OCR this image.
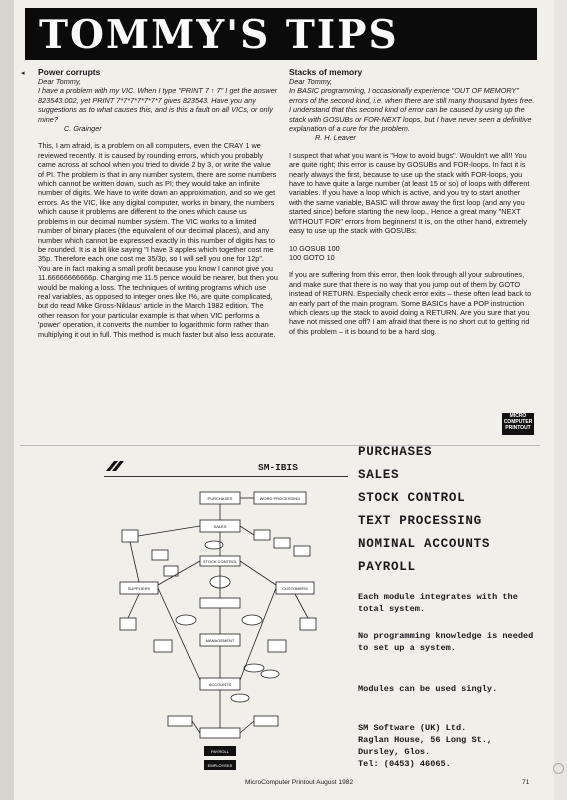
TOMMY'S TIPS
◂ Power corrupts
Dear Tommy,
I have a problem with my VIC. When I type "PRINT 7 ↑ 7" I get the answer 823543.002, yet PRINT 7*7*7*7*7*7*7 gives 823543. Have you any suggestions as to what causes this, and is this a fault on all VICs, or only mine?
C. Grainger

This, I am afraid, is a problem on all computers, even the CRAY 1 we reviewed recently. It is caused by rounding errors, which you probably came across at school when you tried to divide 2 by 3, or write the value of PI. The problem is that in any number system, there are some numbers which cannot be written down, such as PI; they would take an infinite number of digits. We have to write down an approximation, and so we get errors. As the VIC, like any digital computer, works in binary, the numbers which cause it problems are different to the ones which cause us problems in our decimal number system. The VIC works to a limited number of binary places (the equivalent of our decimal places), and any number which cannot be expressed exactly in this number of digits has to be rounded. It is a bit like saying "I have 3 apples which together cost me 35p. Therefore each one cost me 35/3p, so I will sell you one for 12p". You are in fact making a small profit because you know I cannot give you 11.66666666666p. Charging me 11.5 pence would be nearer, but then you would be making a loss. The techniques of writing programs which use real variables, as opposed to integer ones like I%, are quite complicated, but do read Mike Gross-Niklaus' article in the March 1982 edition. The other reason for your particular example is that when VIC performs a 'power' operation, it converts the number to logarithmic form rather than multiplying it out in full. This method is much faster but also less accurate.

Stacks of memory
Dear Tommy,
In BASIC programming, I occasionally experience "OUT OF MEMORY" errors of the second kind, i.e. when there are still many thousand bytes free. I understand that this second kind of error can be caused by using up the stack with GOSUBs or FOR-NEXT loops, but I have never seen a definitive explanation of a cure for the problem.
R. H. Leaver

I suspect that what you want is "How to avoid bugs". Wouldn't we all!! You are quite right; this error is cause by GOSUBs and FOR-loops. In fact it is nearly always the first, because to use up the stack with FOR-loops, you have to have quite a large number (at least 15 or so) of loops with different variables. If you have a loop which is active, and you try to start another with the same variable, BASIC will throw away the first loop (and any you started since) before starting the new loop., Hence a great many "NEXT WITHOUT FOR" errors from beginners! It is, on the other hand, extremely easy to use up the stack with GOSUBs:

10 GOSUB 100

100 GOTO 10

If you are suffering from this error, then look through all your subroutines, and make sure that there is no way that you jump out of them by GOTO instead of RETURN. Especially check error exits – these often lead back to an early part of the main program. Some BASICs have a POP instruction which clears up the stack to avoid doing a RETURN. Are you sure that you have not missed one off? I am afraid that there is no short cut to getting rid of this problem – it is bound to be a hard slog.

MICRO
COMPUTER
PRINTOUT
SM-IBIS
PURCHASES	WORD PROCESSING
SALES
STOCK CONTROL
SUPPLIERS	CUSTOMERS
MANAGEMENT
ACCOUNTS
PAYROLL
EMPLOYEES
PURCHASES
SALES
STOCK CONTROL
TEXT PROCESSING
NOMINAL ACCOUNTS
PAYROLL
Each module integrates with the total system.
No programming knowledge is needed to set up a system.
Modules can be used singly.
SM Software (UK) Ltd.
Raglan House, 56 Long St.,
Dursley, Glos.
Tel: (0453) 46065.
MicroComputer Printout August 1982	71
